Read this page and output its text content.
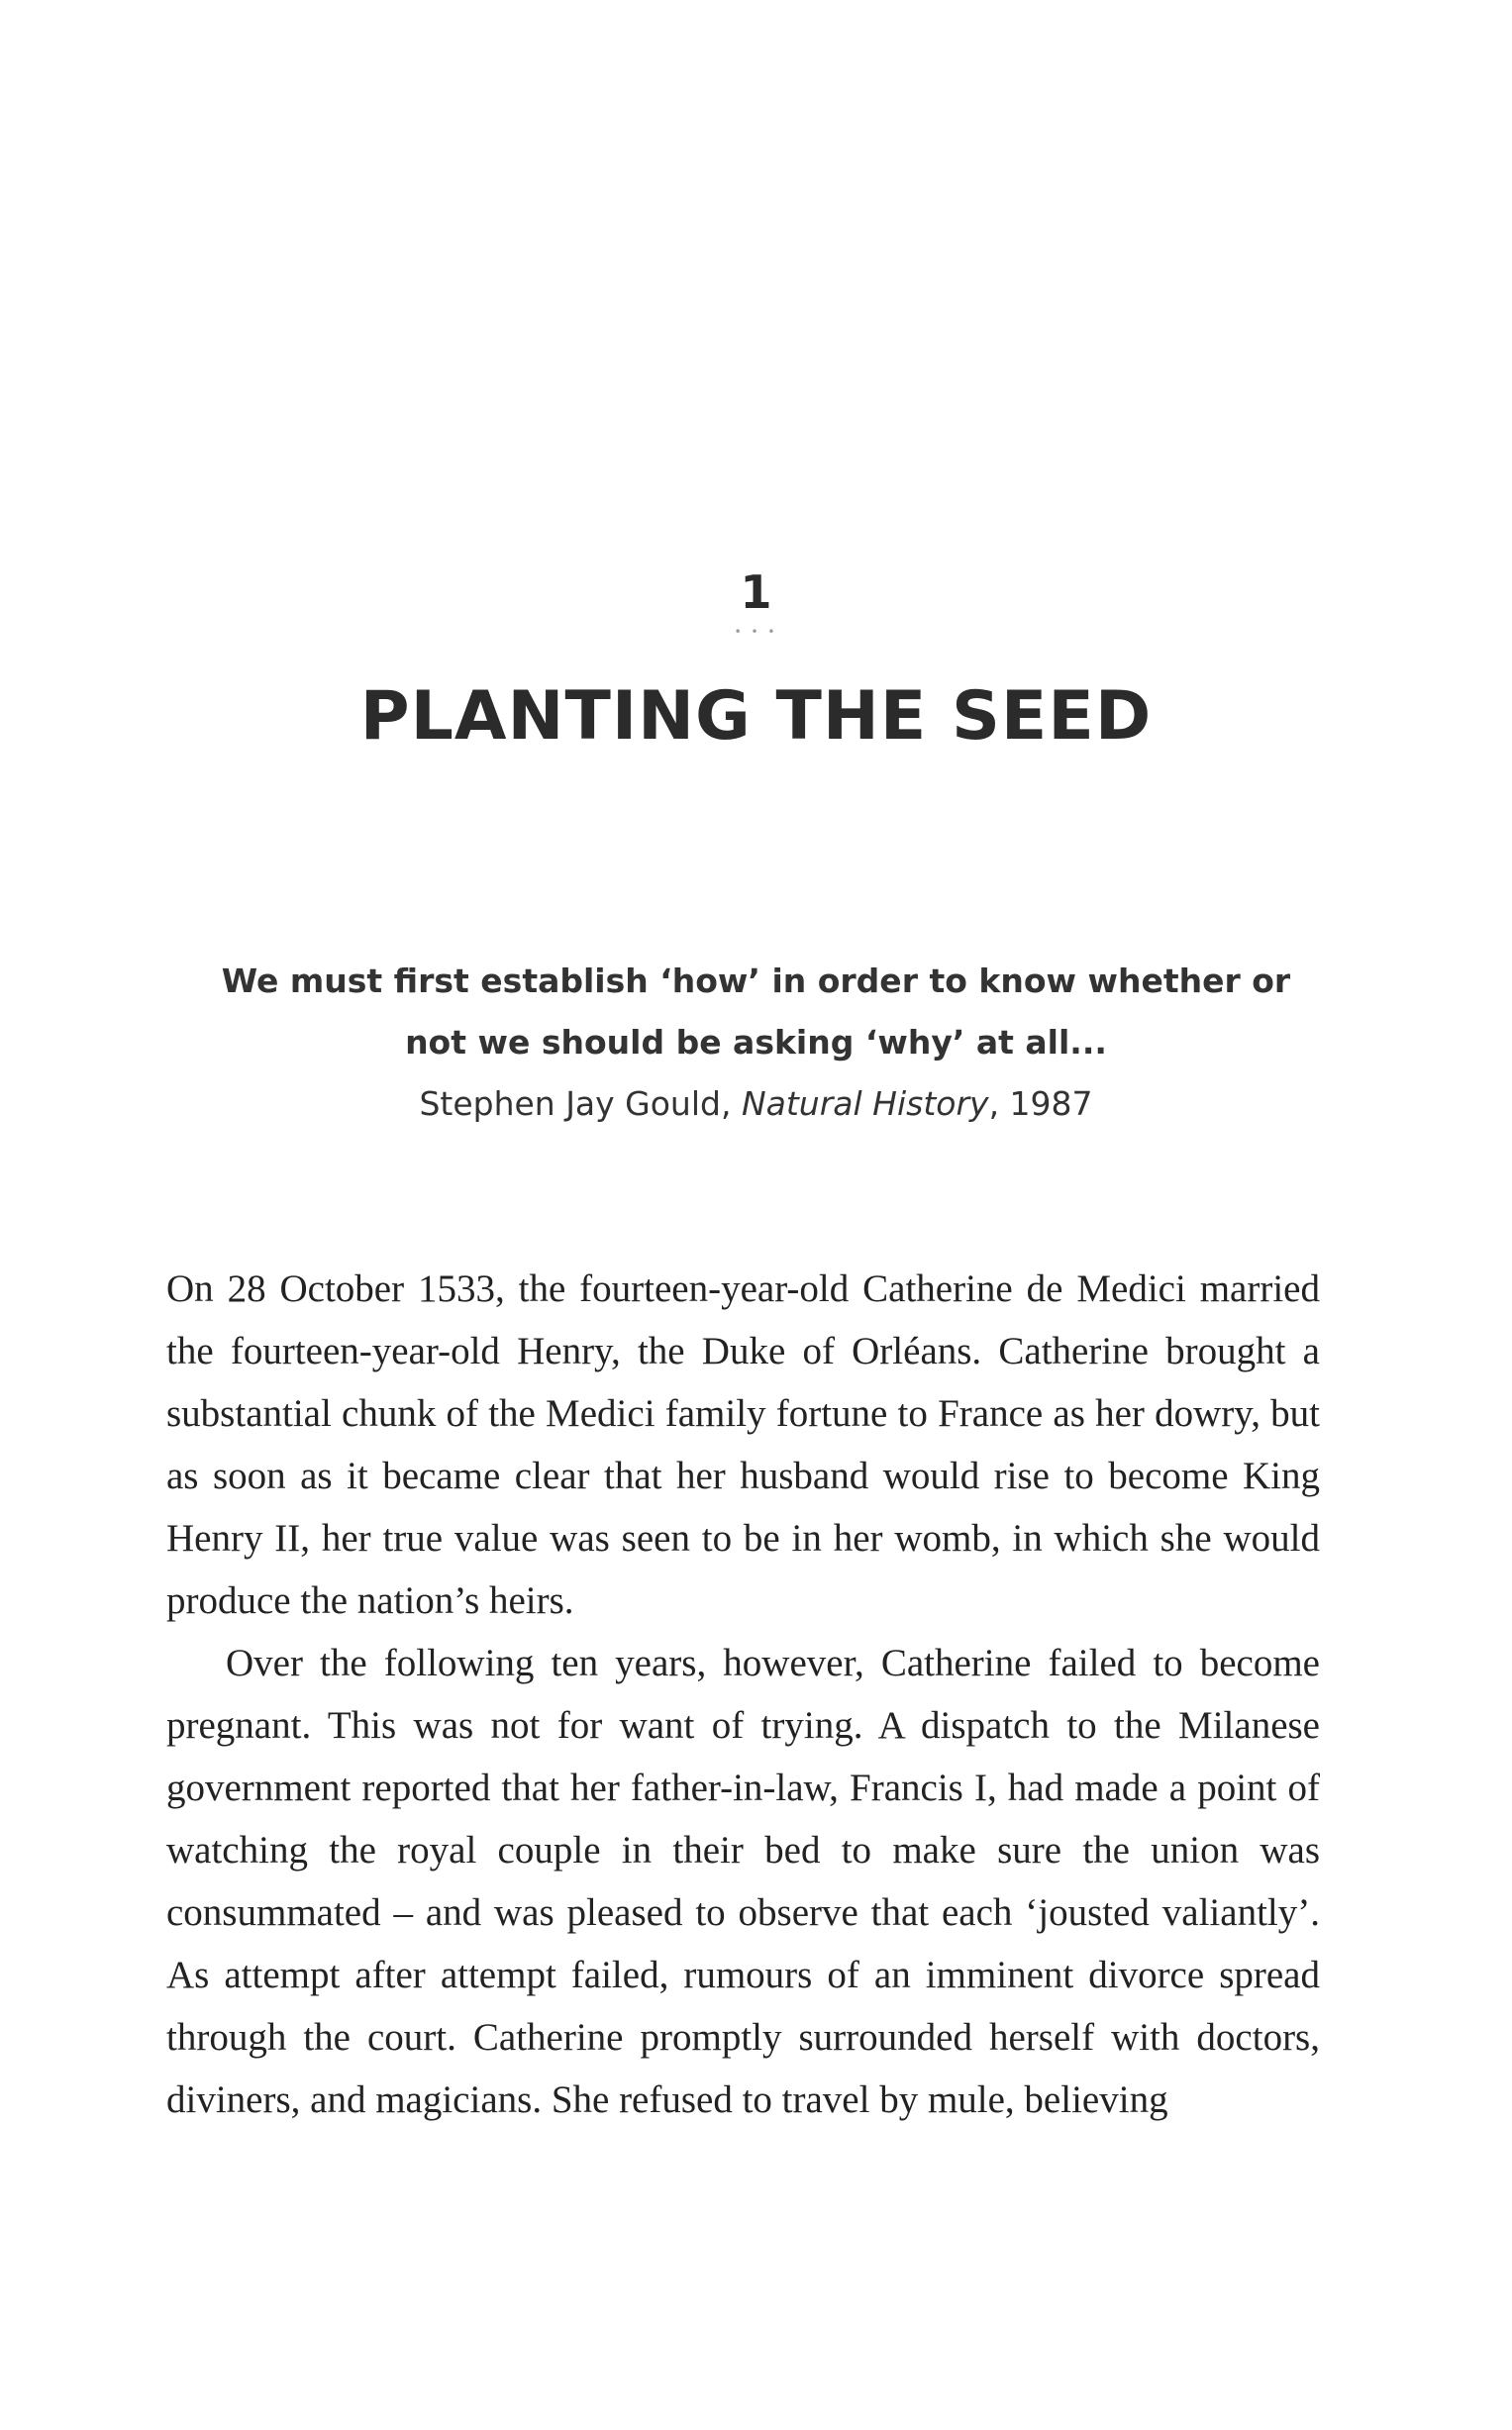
1
• • •
PLANTING THE SEED

We must first establish ‘how’ in order to know whether or not we should be asking ‘why’ at all...

Stephen Jay Gould, Natural History, 1987

On 28 October 1533, the fourteen-year-old Catherine de Medici married the fourteen-year-old Henry, the Duke of Orléans. Catherine brought a substantial chunk of the Medici family fortune to France as her dowry, but as soon as it became clear that her husband would rise to become King Henry II, her true value was seen to be in her womb, in which she would produce the nation’s heirs.

Over the following ten years, however, Catherine failed to become pregnant. This was not for want of trying. A dispatch to the Milanese government reported that her father-in-law, Francis I, had made a point of watching the royal couple in their bed to make sure the union was consummated – and was pleased to observe that each ‘jousted valiantly’. As attempt after attempt failed, rumours of an imminent divorce spread through the court. Catherine promptly surrounded herself with doctors, diviners, and magicians. She refused to travel by mule, believing
